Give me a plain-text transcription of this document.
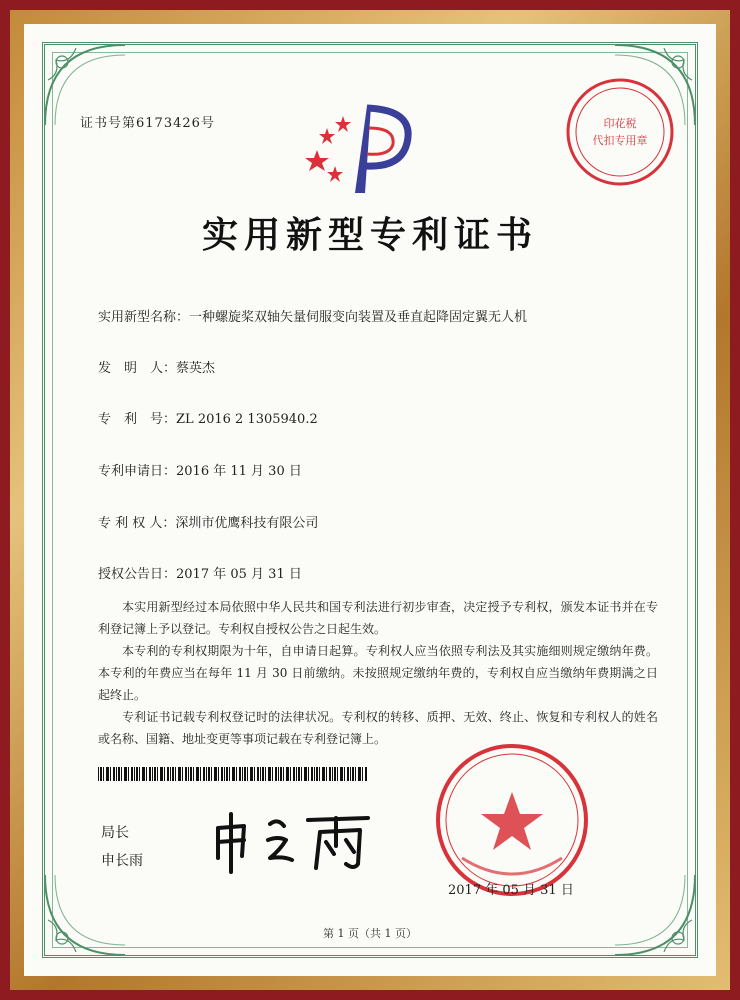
证书号第6173426号	印花税
代扣专用章
实用新型专利证书
实用新型名称：一种螺旋桨双轴矢量伺服变向装置及垂直起降固定翼无人机
发　明　人：蔡英杰
专　利　号：ZL 2016 2 1305940.2
专利申请日：2016 年 11 月 30 日
专 利 权 人：深圳市优鹰科技有限公司
授权公告日：2017 年 05 月 31 日
本实用新型经过本局依照中华人民共和国专利法进行初步审查，决定授予专利权，颁发本证书并在专利登记簿上予以登记。专利权自授权公告之日起生效。
本专利的专利权期限为十年，自申请日起算。专利权人应当依照专利法及其实施细则规定缴纳年费。本专利的年费应当在每年 11 月 30 日前缴纳。未按照规定缴纳年费的，专利权自应当缴纳年费期满之日起终止。
专利证书记载专利权登记时的法律状况。专利权的转移、质押、无效、终止、恢复和专利权人的姓名或名称、国籍、地址变更等事项记载在专利登记簿上。
局长
申长雨
2017 年 05 月 31 日
第 1 页（共 1 页）
